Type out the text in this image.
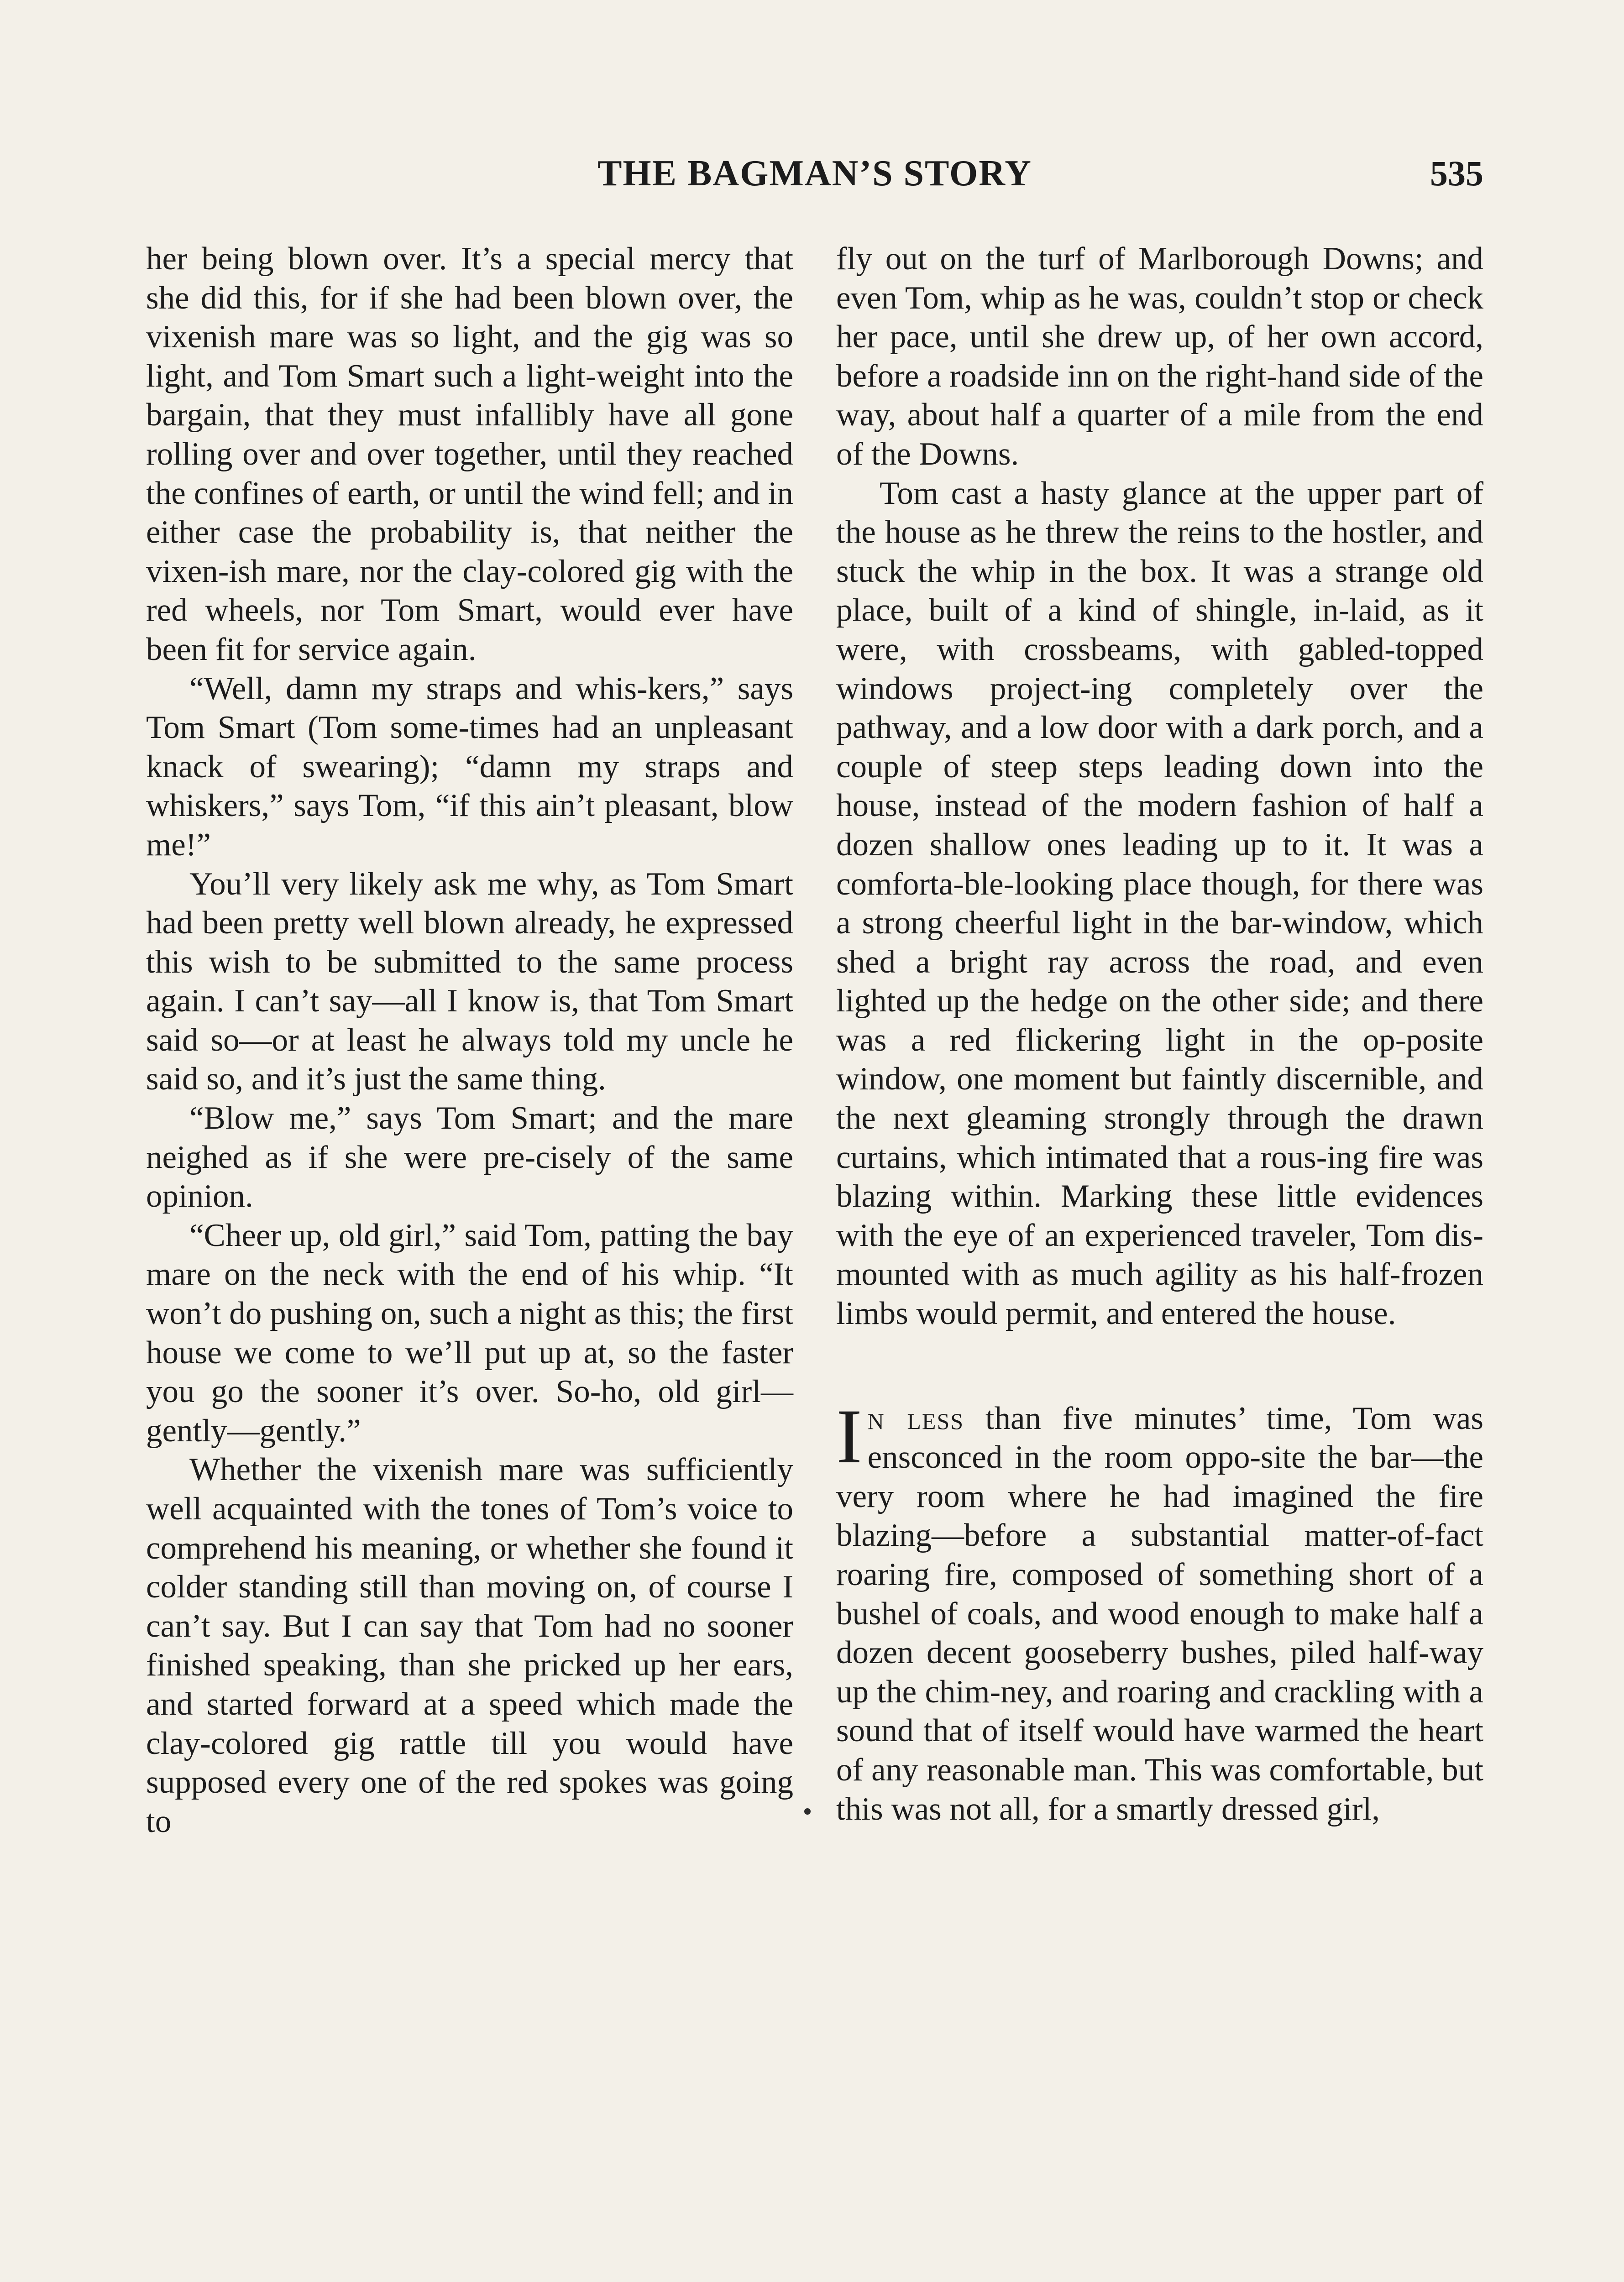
THE BAGMAN’S STORY	535

her being blown over. It’s a special mercy that she did this, for if she had been blown over, the vixenish mare was so light, and the gig was so light, and Tom Smart such a light-weight into the bargain, that they must infallibly have all gone rolling over and over together, until they reached the confines of earth, or until the wind fell; and in either case the probability is, that neither the vixen-ish mare, nor the clay-colored gig with the red wheels, nor Tom Smart, would ever have been fit for service again.

“Well, damn my straps and whis-kers,” says Tom Smart (Tom some-times had an unpleasant knack of swearing); “damn my straps and whiskers,” says Tom, “if this ain’t pleasant, blow me!”

You’ll very likely ask me why, as Tom Smart had been pretty well blown already, he expressed this wish to be submitted to the same process again. I can’t say—all I know is, that Tom Smart said so—or at least he always told my uncle he said so, and it’s just the same thing.

“Blow me,” says Tom Smart; and the mare neighed as if she were pre-cisely of the same opinion.

“Cheer up, old girl,” said Tom, patting the bay mare on the neck with the end of his whip. “It won’t do pushing on, such a night as this; the first house we come to we’ll put up at, so the faster you go the sooner it’s over. So-ho, old girl—gently—gently.”

Whether the vixenish mare was sufficiently well acquainted with the tones of Tom’s voice to comprehend his meaning, or whether she found it colder standing still than moving on, of course I can’t say. But I can say that Tom had no sooner finished speaking, than she pricked up her ears, and started forward at a speed which made the clay-colored gig rattle till you would have supposed every one of the red spokes was going to

fly out on the turf of Marlborough Downs; and even Tom, whip as he was, couldn’t stop or check her pace, until she drew up, of her own accord, before a roadside inn on the right-hand side of the way, about half a quarter of a mile from the end of the Downs.

Tom cast a hasty glance at the upper part of the house as he threw the reins to the hostler, and stuck the whip in the box. It was a strange old place, built of a kind of shingle, in-laid, as it were, with crossbeams, with gabled-topped windows project-ing completely over the pathway, and a low door with a dark porch, and a couple of steep steps leading down into the house, instead of the modern fashion of half a dozen shallow ones leading up to it. It was a comforta-ble-looking place though, for there was a strong cheerful light in the bar-window, which shed a bright ray across the road, and even lighted up the hedge on the other side; and there was a red flickering light in the op-posite window, one moment but faintly discernible, and the next gleaming strongly through the drawn curtains, which intimated that a rous-ing fire was blazing within. Marking these little evidences with the eye of an experienced traveler, Tom dis-mounted with as much agility as his half-frozen limbs would permit, and entered the house.

In less than five minutes’ time, Tom was ensconced in the room oppo-site the bar—the very room where he had imagined the fire blazing—before a substantial matter-of-fact roaring fire, composed of something short of a bushel of coals, and wood enough to make half a dozen decent gooseberry bushes, piled half-way up the chim-ney, and roaring and crackling with a sound that of itself would have warmed the heart of any reasonable man. This was comfortable, but this was not all, for a smartly dressed girl,
